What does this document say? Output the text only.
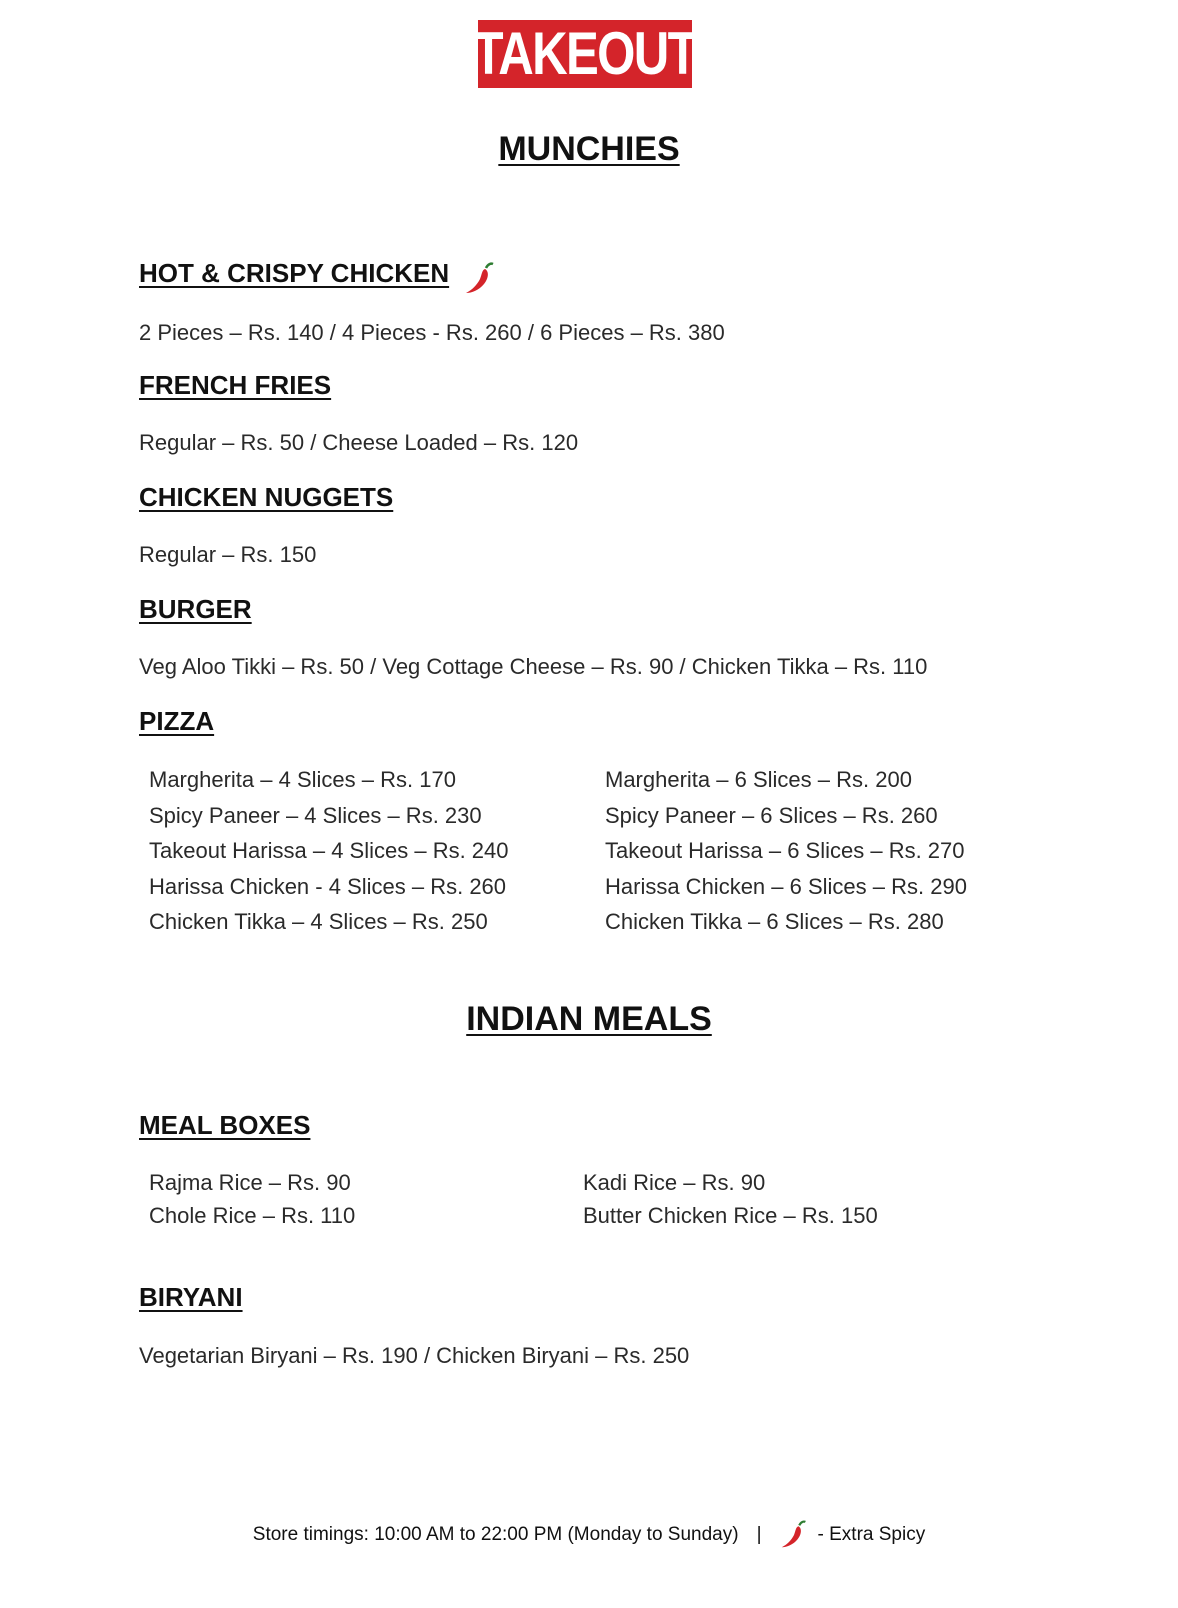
TAKEOUT
MUNCHIES
HOT & CRISPY CHICKEN

2 Pieces – Rs. 140 / 4 Pieces - Rs. 260 / 6 Pieces – Rs. 380

FRENCH FRIES

Regular – Rs. 50 / Cheese Loaded – Rs. 120

CHICKEN NUGGETS

Regular – Rs. 150

BURGER

Veg Aloo Tikki – Rs. 50 / Veg Cottage Cheese – Rs. 90 / Chicken Tikka – Rs. 110

PIZZA
Margherita – 4 Slices – Rs. 170
Spicy Paneer – 4 Slices – Rs. 230
Takeout Harissa – 4 Slices – Rs. 240
Harissa Chicken - 4 Slices – Rs. 260
Chicken Tikka – 4 Slices – Rs. 250
Margherita – 6 Slices – Rs. 200
Spicy Paneer – 6 Slices – Rs. 260
Takeout Harissa – 6 Slices – Rs. 270
Harissa Chicken – 6 Slices – Rs. 290
Chicken Tikka – 6 Slices – Rs. 280
INDIAN MEALS
MEAL BOXES
Rajma Rice – Rs. 90
Chole Rice – Rs. 110
Kadi Rice – Rs. 90
Butter Chicken Rice – Rs. 150
BIRYANI

Vegetarian Biryani – Rs. 190 / Chicken Biryani – Rs. 250

Store timings: 10:00 AM to 22:00 PM (Monday to Sunday) |	- Extra Spicy
